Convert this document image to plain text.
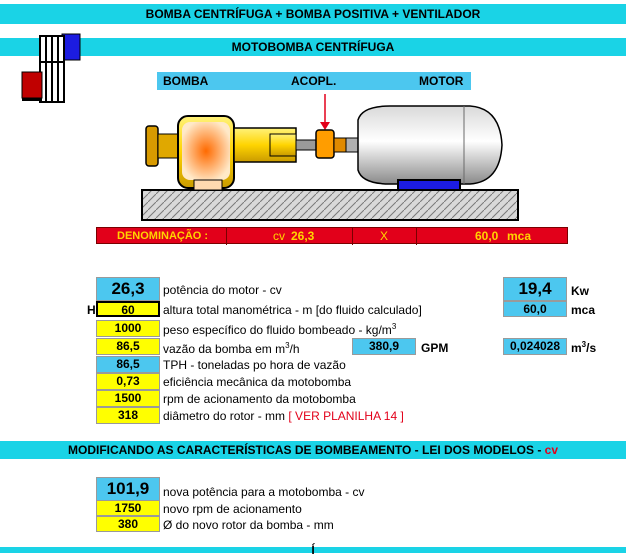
BOMBA CENTRÍFUGA + BOMBA POSITIVA + VENTILADOR
MOTOBOMBA CENTRÍFUGA
BOMBA	ACOPL.	MOTOR
DENOMINAÇÃO :	cv 26,3	X	60,0 mca
26,3	potência do motor - cv	19,4	Kw
H	60	altura total manométrica - m [do fluido calculado]	60,0	mca
1000	peso específico do fluido bombeado - $kg/m^3$
86,5	vazão da bomba em $m^3/h$	380,9	GPM	0,024028 $m^3/s$
86,5	TPH - toneladas po hora de vazão
0,73	eficiência mecânica da motobomba
1500	rpm de acionamento da motobomba
318	diâmetro do rotor - mm [ VER PLANILHA 14 ]
MODIFICANDO AS CARACTERÍSTICAS DE BOMBEAMENTO - LEI DOS MODELOS - cv
101,9	nova potência para a motobomba - cv
1750	novo rpm de acionamento
380	Ø do novo rotor da bomba - mm
Í
